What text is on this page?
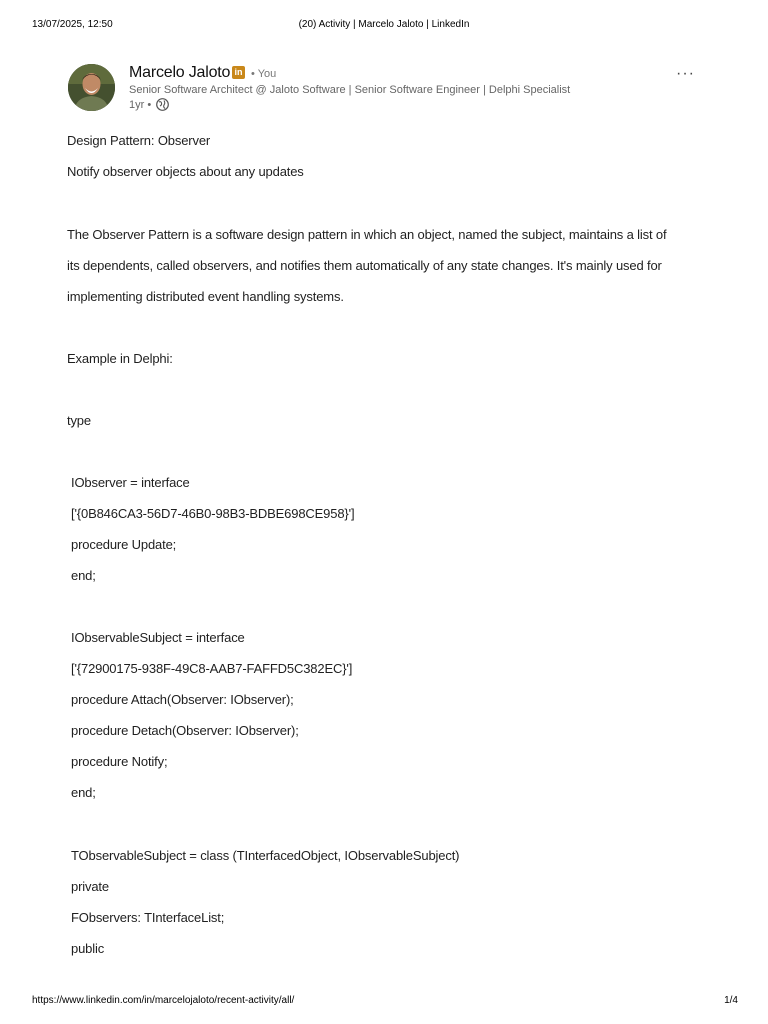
13/07/2025, 12:50	(20) Activity | Marcelo Jaloto | LinkedIn
Marcelo Jaloto in • You
Senior Software Architect @ Jaloto Software | Senior Software Engineer | Delphi Specialist
1yr •
···
Design Pattern: Observer
Notify observer objects about any updates
The Observer Pattern is a software design pattern in which an object, named the subject, maintains a list of
its dependents, called observers, and notifies them automatically of any state changes. It's mainly used for
implementing distributed event handling systems.
Example in Delphi:
type
IObserver = interface
['{0B846CA3-56D7-46B0-98B3-BDBE698CE958}']
procedure Update;
end;
IObservableSubject = interface
['{72900175-938F-49C8-AAB7-FAFFD5C382EC}']
procedure Attach(Observer: IObserver);
procedure Detach(Observer: IObserver);
procedure Notify;
end;
TObservableSubject = class (TInterfacedObject, IObservableSubject)
private
FObservers: TInterfaceList;
public
https://www.linkedin.com/in/marcelojaloto/recent-activity/all/	1/4
